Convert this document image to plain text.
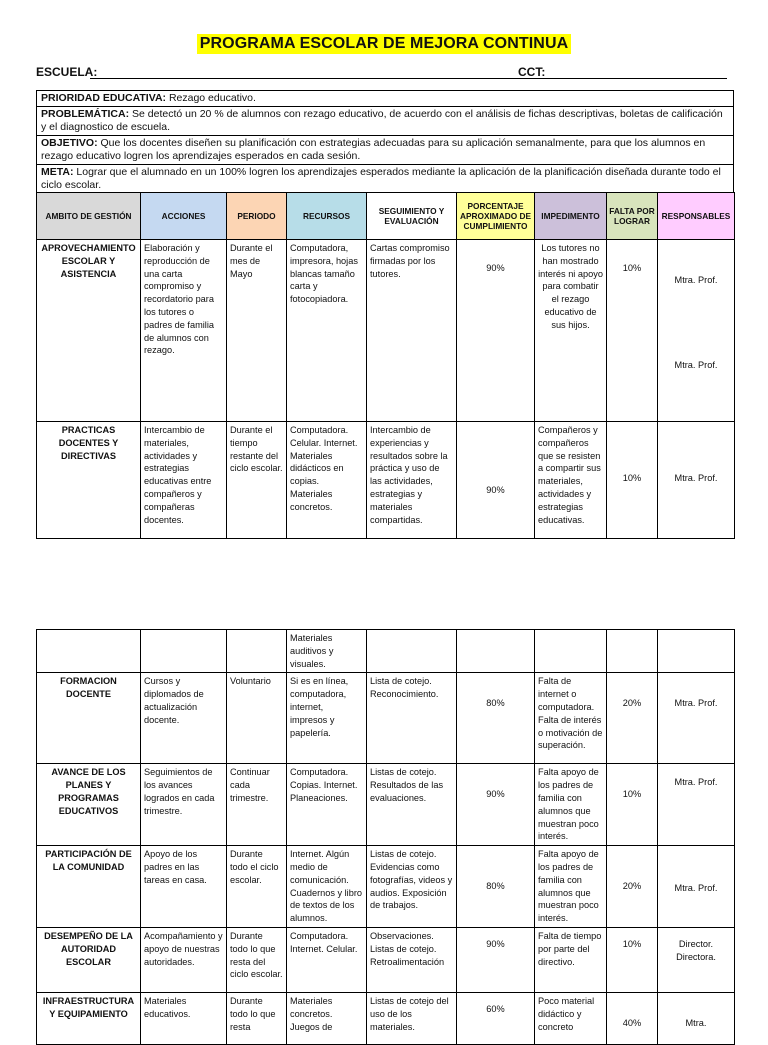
PROGRAMA ESCOLAR DE MEJORA CONTINUA
ESCUELA:	CCT:
PRIORIDAD EDUCATIVA: Rezago educativo.
PROBLEMÁTICA: Se detectó un 20 % de alumnos con rezago educativo, de acuerdo con el análisis de fichas descriptivas, boletas de calificación y el diagnostico de escuela.
OBJETIVO: Que los docentes diseñen su planificación con estrategias adecuadas para su aplicación semanalmente, para que los alumnos en rezago educativo logren los aprendizajes esperados en cada sesión.
META: Lograr que el alumnado en un 100% logren los aprendizajes esperados mediante la aplicación de la planificación diseñada durante todo el ciclo escolar.
AMBITO DE GESTIÓN	ACCIONES	PERIODO	RECURSOS	SEGUIMIENTO Y EVALUACIÓN	PORCENTAJE APROXIMADO DE CUMPLIMIENTO	IMPEDIMENTO	FALTA POR LOGRAR	RESPONSABLES
APROVECHAMIENTO ESCOLAR Y ASISTENCIA	Elaboración y reproducción de una carta compromiso y recordatorio para los tutores o padres de familia de alumnos con rezago.	Durante el mes de Mayo	Computadora, impresora, hojas blancas tamaño carta y fotocopiadora.	Cartas compromiso firmadas por los tutores.	90%	Los tutores no han mostrado interés ni apoyo para combatir el rezago educativo de sus hijos.	10%	Mtra. Prof.
Mtra. Prof.

PRACTICAS DOCENTES Y DIRECTIVAS	Intercambio de materiales, actividades y estrategias educativas entre compañeros y compañeras docentes.	Durante el tiempo restante del ciclo escolar.	Computadora. Celular. Internet. Materiales didácticos en copias. Materiales concretos.	Intercambio de experiencias y resultados sobre la práctica y uso de las actividades, estrategias y materiales compartidas.	90%	Compañeros y compañeros que se resisten a compartir sus materiales, actividades y estrategias educativas.	10%	Mtra. Prof.
			Materiales auditivos y visuales.					
FORMACION DOCENTE	Cursos y diplomados de actualización docente.	Voluntario	Si es en línea, computadora, internet, impresos y papelería.	Lista de cotejo. Reconocimiento.	80%	Falta de internet o computadora. Falta de interés o motivación de superación.	20%	Mtra. Prof.
AVANCE DE LOS PLANES Y PROGRAMAS EDUCATIVOS	Seguimientos de los avances logrados en cada trimestre.	Continuar cada trimestre.	Computadora. Copias. Internet. Planeaciones.	Listas de cotejo. Resultados de las evaluaciones.	90%	Falta apoyo de los padres de familia con alumnos que muestran poco interés.	10%	Mtra. Prof.
PARTICIPACIÓN DE LA COMUNIDAD	Apoyo de los padres en las tareas en casa.	Durante todo el ciclo escolar.	Internet. Algún medio de comunicación. Cuadernos y libro de textos de los alumnos.	Listas de cotejo. Evidencias como fotografías, videos y audios. Exposición de trabajos.	80%	Falta apoyo de los padres de familia con alumnos que muestran poco interés.	20%	Mtra. Prof.
DESEMPEÑO DE LA AUTORIDAD ESCOLAR	Acompañamiento y apoyo de nuestras autoridades.	Durante todo lo que resta del ciclo escolar.	Computadora. Internet. Celular.	Observaciones. Listas de cotejo. Retroalimentación	90%	Falta de tiempo por parte del directivo.	10%	Director. Directora.
INFRAESTRUCTURA Y EQUIPAMIENTO	Materiales educativos.	Durante todo lo que resta	Materiales concretos. Juegos de	Listas de cotejo del uso de los materiales.	60%	Poco material didáctico y concreto	40%	Mtra.
